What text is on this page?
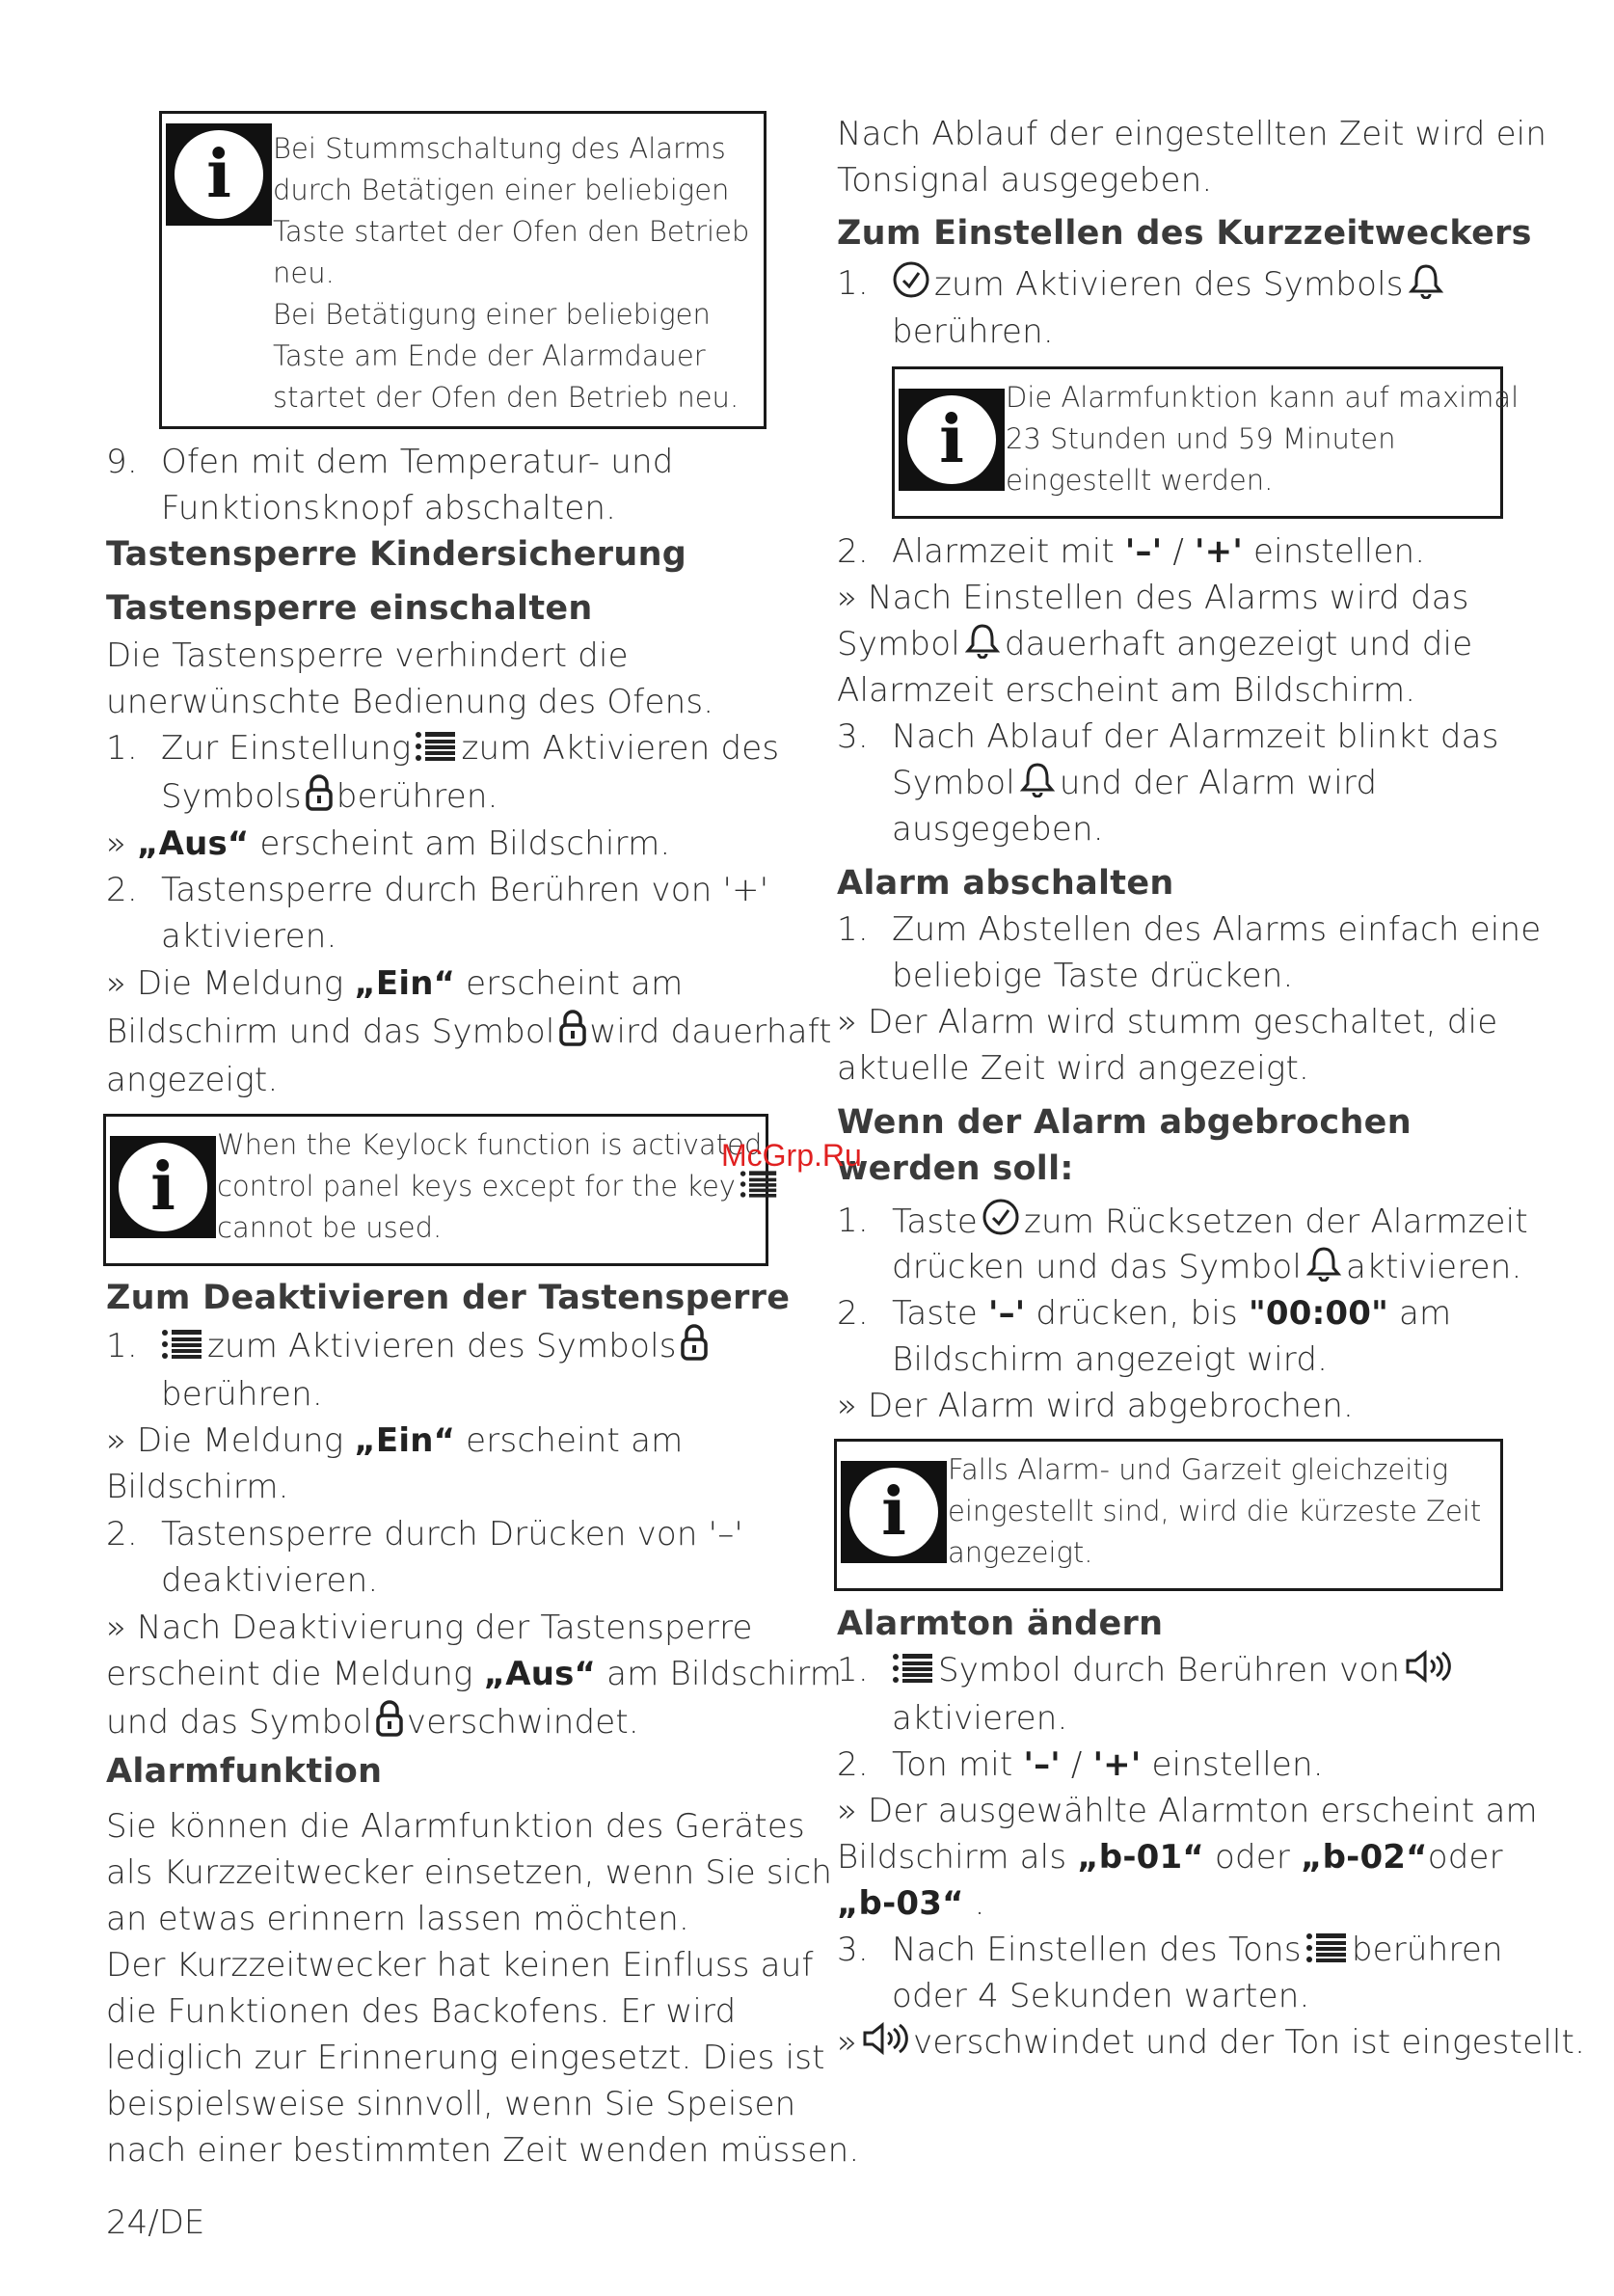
i	Bei Stummschaltung des Alarms

durch Betätigen einer beliebigen

Taste startet der Ofen den Betrieb

neu.

Bei Betätigung einer beliebigen

Taste am Ende der Alarmdauer

startet der Ofen den Betrieb neu.

9. Ofen mit dem Temperatur- und

Funktionsknopf abschalten.

Tastensperre Kindersicherung

Tastensperre einschalten

Die Tastensperre verhindert die

unerwünschte Bedienung des Ofens.

1. Zur Einstellung zum Aktivieren des

Symbols berühren.

» „Aus“ erscheint am Bildschirm.

2. Tastensperre durch Berühren von '+'

aktivieren.

» Die Meldung „Ein“ erscheint am

Bildschirm und das Symbol wird dauerhaft

angezeigt.

i

When the Keylock function is activated,

control panel keys except for the key

cannot be used.

Zum Deaktivieren der Tastensperre

1.	zum Aktivieren des Symbols

berühren.

» Die Meldung „Ein“ erscheint am

Bildschirm.

2. Tastensperre durch Drücken von '–'

deaktivieren.

» Nach Deaktivierung der Tastensperre

erscheint die Meldung „Aus“ am Bildschirm

und das Symbol verschwindet.

Alarmfunktion

Sie können die Alarmfunktion des Gerätes

als Kurzzeitwecker einsetzen, wenn Sie sich

an etwas erinnern lassen möchten.

Der Kurzzeitwecker hat keinen Einfluss auf

die Funktionen des Backofens. Er wird

lediglich zur Erinnerung eingesetzt. Dies ist

beispielsweise sinnvoll, wenn Sie Speisen

nach einer bestimmten Zeit wenden müssen.

Nach Ablauf der eingestellten Zeit wird ein

Tonsignal ausgegeben.

Zum Einstellen des Kurzzeitweckers

1.	zum Aktivieren des Symbols

berühren.

i

Die Alarmfunktion kann auf maximal

23 Stunden und 59 Minuten

eingestellt werden.

2. Alarmzeit mit '–' / '+' einstellen.

» Nach Einstellen des Alarms wird das

Symbol dauerhaft angezeigt und die

Alarmzeit erscheint am Bildschirm.

3. Nach Ablauf der Alarmzeit blinkt das

Symbol und der Alarm wird

ausgegeben.

Alarm abschalten

1. Zum Abstellen des Alarms einfach eine

beliebige Taste drücken.

» Der Alarm wird stumm geschaltet, die

aktuelle Zeit wird angezeigt.

Wenn der Alarm abgebrochen

werden soll:

1. Taste zum Rücksetzen der Alarmzeit

drücken und das Symbol aktivieren.

2. Taste '–' drücken, bis "00:00" am

Bildschirm angezeigt wird.

» Der Alarm wird abgebrochen.

i

Falls Alarm- und Garzeit gleichzeitig

eingestellt sind, wird die kürzeste Zeit

angezeigt.

Alarmton ändern

1.	Symbol durch Berühren von

aktivieren.

2. Ton mit '–' / '+' einstellen.

» Der ausgewählte Alarmton erscheint am

Bildschirm als „b-01“ oder „b-02“oder

„b-03“ .

3. Nach Einstellen des Tons berühren

oder 4 Sekunden warten.

» verschwindet und der Ton ist eingestellt.

24/DE
McGrp.Ru
